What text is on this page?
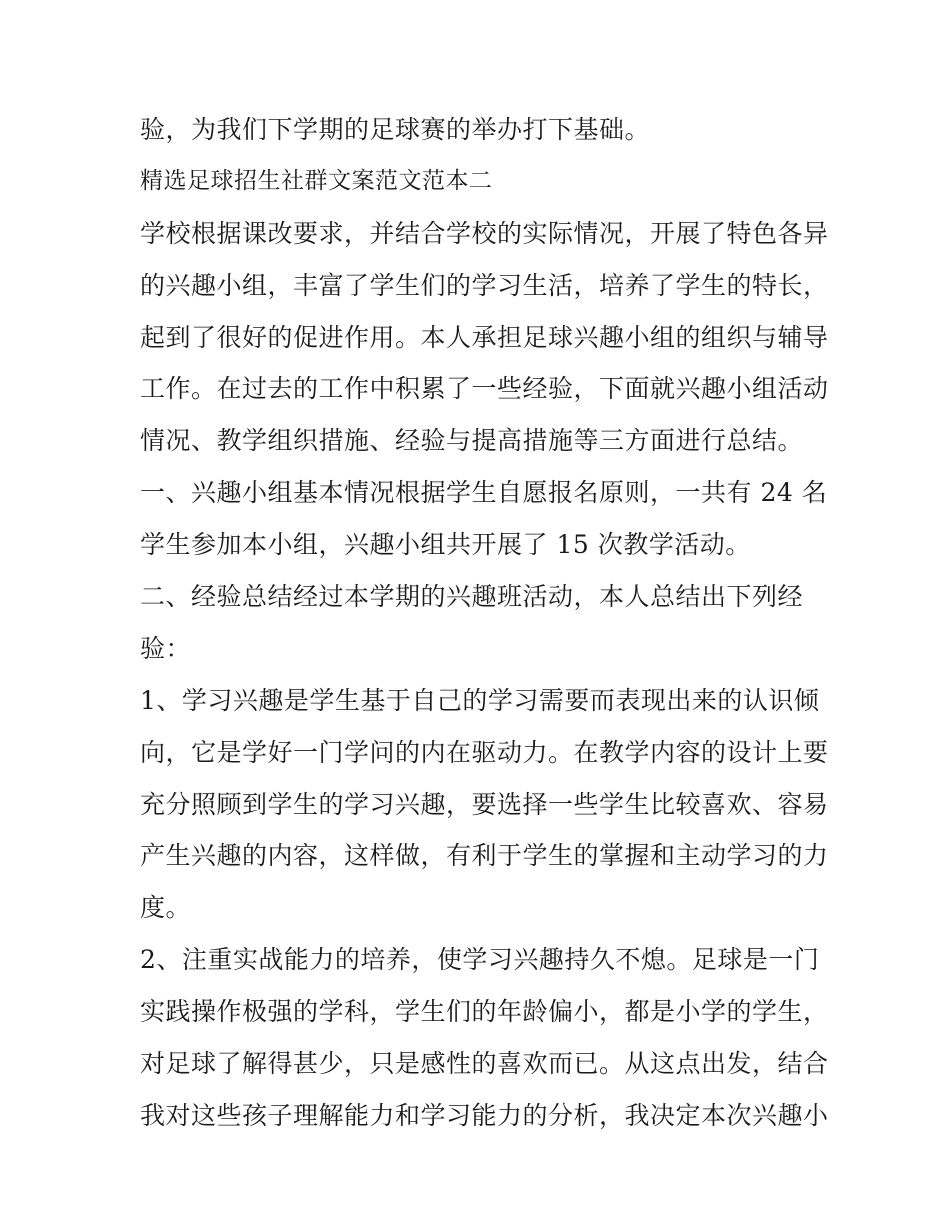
验，为我们下学期的足球赛的举办打下基础。
精选足球招生社群文案范文范本二
学校根据课改要求，并结合学校的实际情况，开展了特色各异
的兴趣小组，丰富了学生们的学习生活，培养了学生的特长，
起到了很好的促进作用。本人承担足球兴趣小组的组织与辅导
工作。在过去的工作中积累了一些经验，下面就兴趣小组活动
情况、教学组织措施、经验与提高措施等三方面进行总结。
一、兴趣小组基本情况根据学生自愿报名原则，一共有 24 名
学生参加本小组，兴趣小组共开展了 15 次教学活动。
二、经验总结经过本学期的兴趣班活动，本人总结出下列经
验：
1、学习兴趣是学生基于自己的学习需要而表现出来的认识倾
向，它是学好一门学问的内在驱动力。在教学内容的设计上要
充分照顾到学生的学习兴趣，要选择一些学生比较喜欢、容易
产生兴趣的内容，这样做，有利于学生的掌握和主动学习的力
度。
2、注重实战能力的培养，使学习兴趣持久不熄。足球是一门
实践操作极强的学科，学生们的年龄偏小，都是小学的学生，
对足球了解得甚少，只是感性的喜欢而已。从这点出发，结合
我对这些孩子理解能力和学习能力的分析，我决定本次兴趣小
